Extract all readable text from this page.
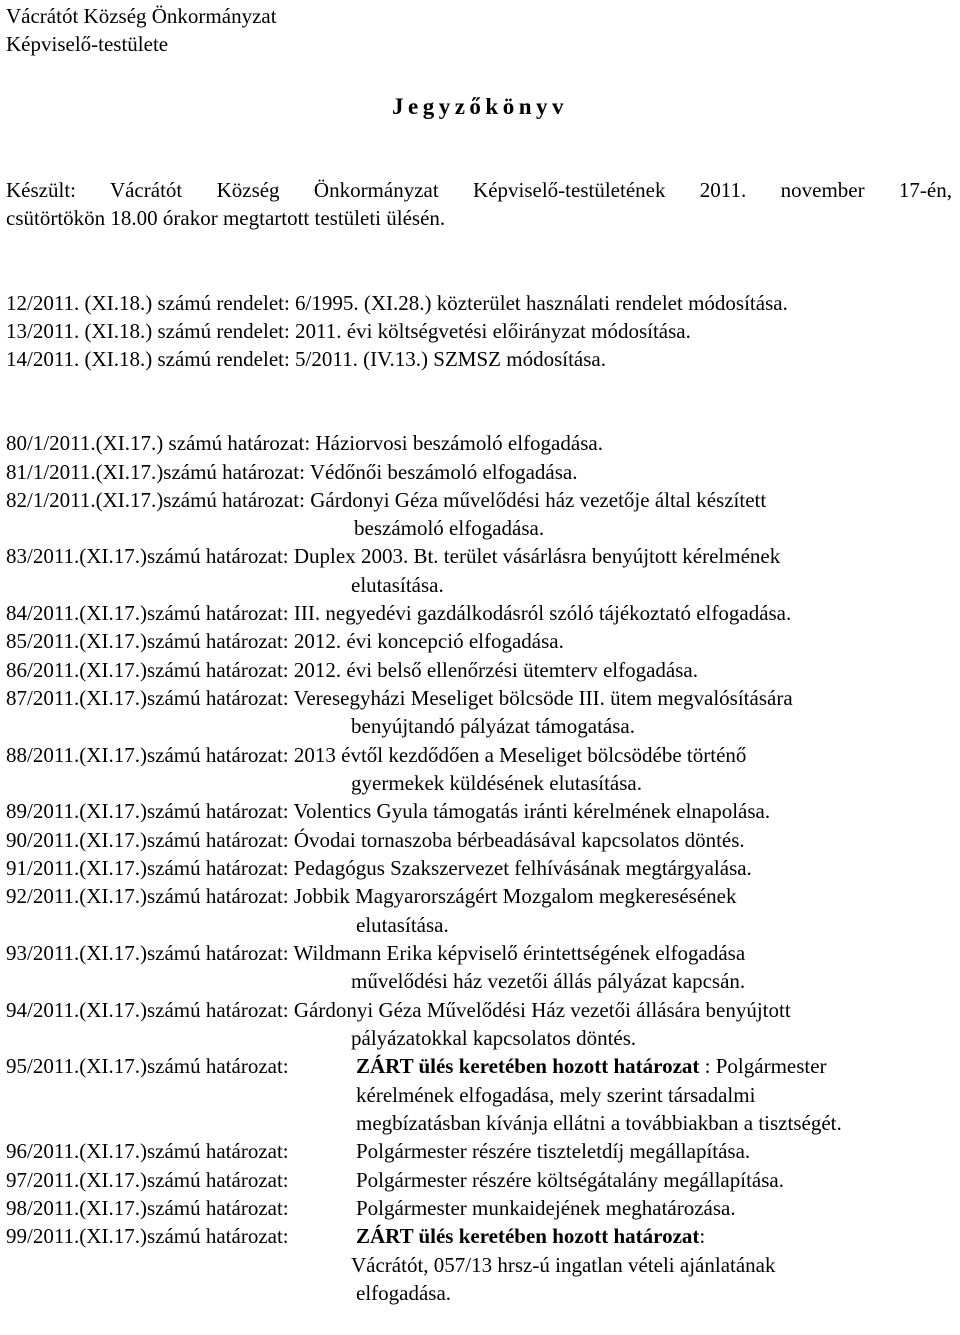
Vácrátót Község Önkormányzat
Képviselő-testülete
Jegyzőkönyv
Készült: Vácrátót Község Önkormányzat Képviselő-testületének 2011. november 17-én,
csütörtökön 18.00 órakor megtartott testületi ülésén.
12/2011. (XI.18.) számú rendelet: 6/1995. (XI.28.) közterület használati rendelet módosítása.
13/2011. (XI.18.) számú rendelet: 2011. évi költségvetési előirányzat módosítása.
14/2011. (XI.18.) számú rendelet: 5/2011. (IV.13.) SZMSZ módosítása.
80/1/2011.(XI.17.) számú határozat: Háziorvosi beszámoló elfogadása.
81/1/2011.(XI.17.)számú határozat: Védőnői beszámoló elfogadása.
82/1/2011.(XI.17.)számú határozat: Gárdonyi Géza művelődési ház vezetője által készített
beszámoló elfogadása.
83/2011.(XI.17.)számú határozat: Duplex 2003. Bt. terület vásárlásra benyújtott kérelmének
elutasítása.
84/2011.(XI.17.)számú határozat: III. negyedévi gazdálkodásról szóló tájékoztató elfogadása.
85/2011.(XI.17.)számú határozat: 2012. évi koncepció elfogadása.
86/2011.(XI.17.)számú határozat: 2012. évi belső ellenőrzési ütemterv elfogadása.
87/2011.(XI.17.)számú határozat: Veresegyházi Meseliget bölcsöde III. ütem megvalósítására
benyújtandó pályázat támogatása.
88/2011.(XI.17.)számú határozat: 2013 évtől kezdődően a Meseliget bölcsödébe történő
gyermekek küldésének elutasítása.
89/2011.(XI.17.)számú határozat: Volentics Gyula támogatás iránti kérelmének elnapolása.
90/2011.(XI.17.)számú határozat: Óvodai tornaszoba bérbeadásával kapcsolatos döntés.
91/2011.(XI.17.)számú határozat: Pedagógus Szakszervezet felhívásának megtárgyalása.
92/2011.(XI.17.)számú határozat: Jobbik Magyarországért Mozgalom megkeresésének
elutasítása.
93/2011.(XI.17.)számú határozat: Wildmann Erika képviselő érintettségének elfogadása
művelődési ház vezetői állás pályázat kapcsán.
94/2011.(XI.17.)számú határozat: Gárdonyi Géza Művelődési Ház vezetői állására benyújtott
pályázatokkal kapcsolatos döntés.
95/2011.(XI.17.)számú határozat:	ZÁRT ülés keretében hozott határozat : Polgármester
kérelmének elfogadása, mely szerint társadalmi
megbízatásban kívánja ellátni a továbbiakban a tisztségét.
96/2011.(XI.17.)számú határozat:	Polgármester részére tiszteletdíj megállapítása.
97/2011.(XI.17.)számú határozat:	Polgármester részére költségátalány megállapítása.
98/2011.(XI.17.)számú határozat:	Polgármester munkaidejének meghatározása.
99/2011.(XI.17.)számú határozat:	ZÁRT ülés keretében hozott határozat:
Vácrátót, 057/13 hrsz-ú ingatlan vételi ajánlatának
elfogadása.
